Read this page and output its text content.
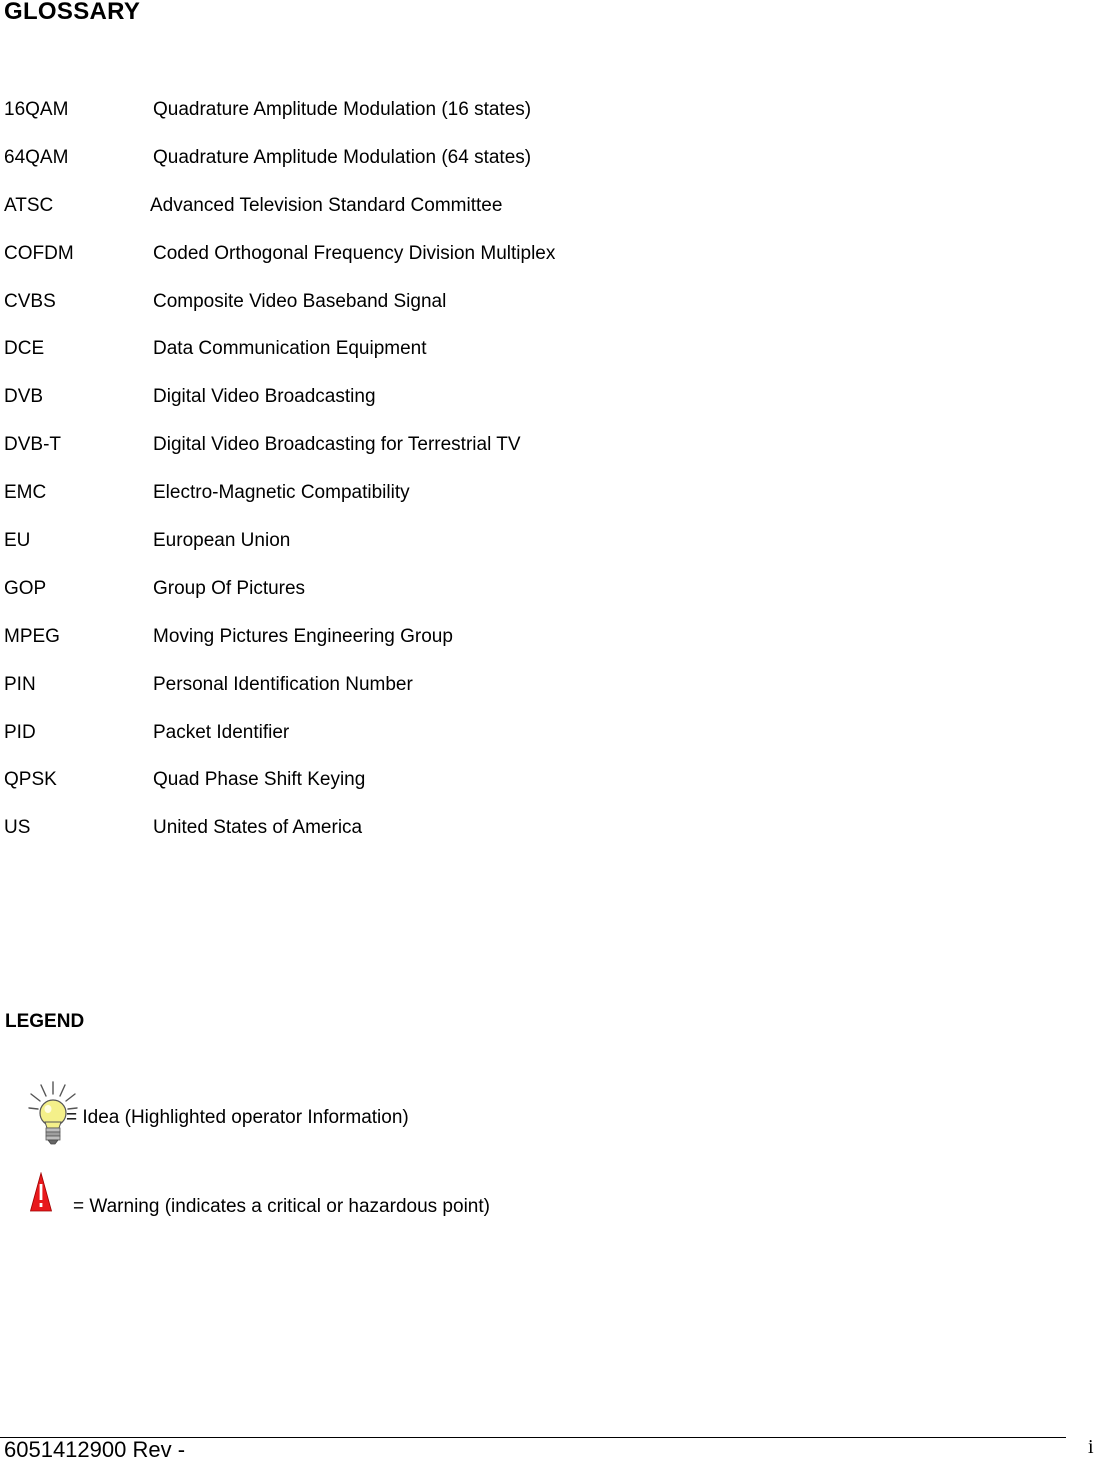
GLOSSARY
16QAM	Quadrature Amplitude Modulation (16 states)
64QAM	Quadrature Amplitude Modulation (64 states)
ATSC	Advanced Television Standard Committee
COFDM	Coded Orthogonal Frequency Division Multiplex
CVBS	Composite Video Baseband Signal
DCE	Data Communication Equipment
DVB	Digital Video Broadcasting
DVB-T	Digital Video Broadcasting for Terrestrial TV
EMC	Electro-Magnetic Compatibility
EU	European Union
GOP	Group Of Pictures
MPEG	Moving Pictures Engineering Group
PIN	Personal Identification Number
PID	Packet Identifier
QPSK	Quad Phase Shift Keying
US	United States of America
LEGEND
= Idea (Highlighted operator Information)
= Warning (indicates a critical or hazardous point)
6051412900 Rev -	i
